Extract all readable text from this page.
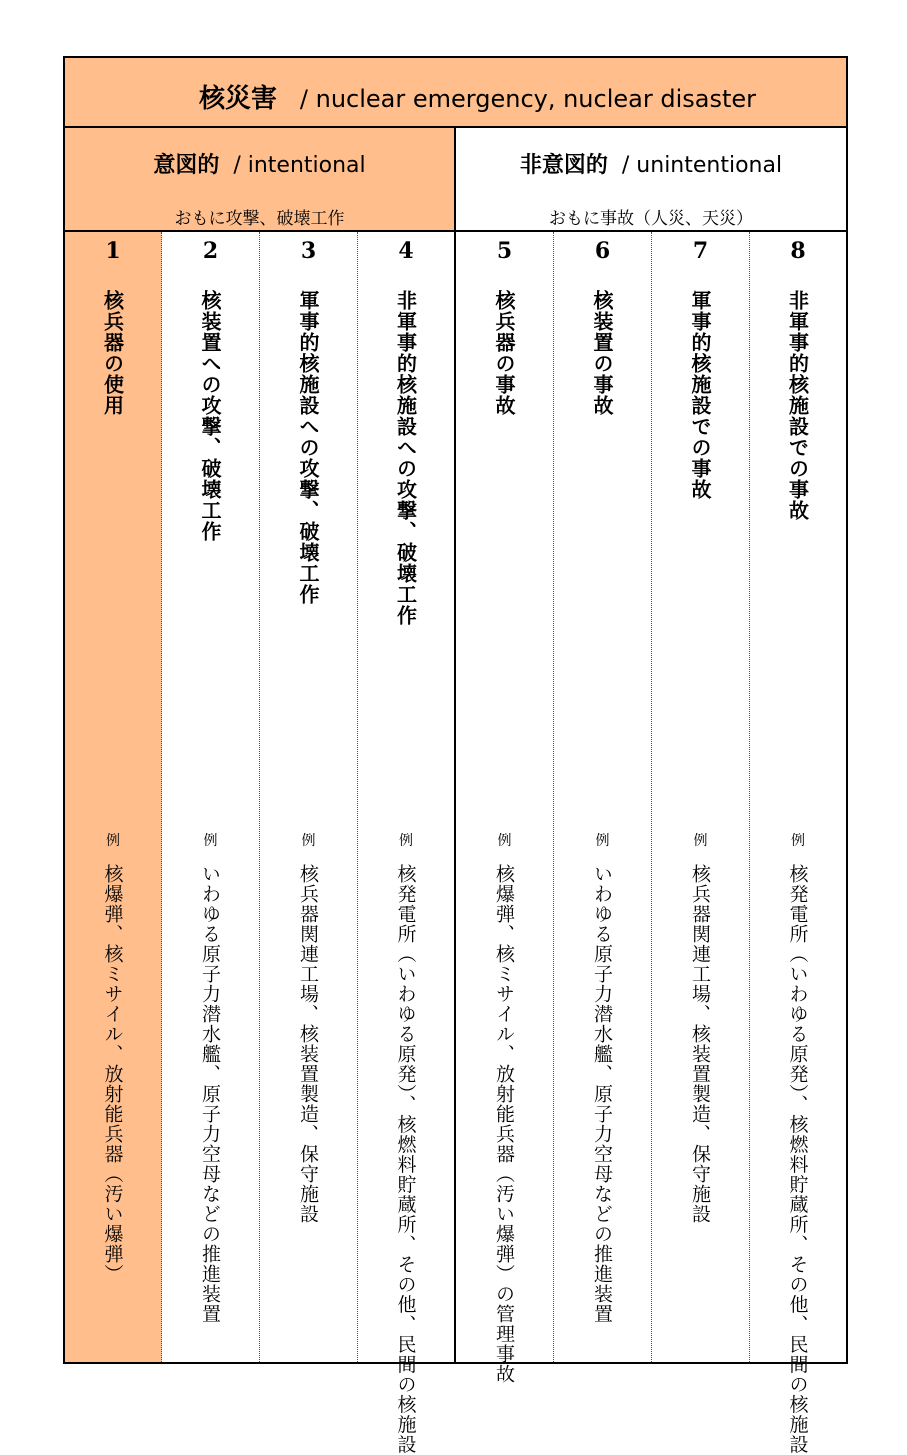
核災害 / nuclear emergency, nuclear disaster
意図的 / intentional
おもに攻撃、破壊工作
非意図的 / unintentional
おもに事故（人災、天災）
1
核兵器の使用
例
核爆弾、核ミサイル、放射能兵器（汚い爆弾）
2
核装置への攻撃、破壊工作
例
いわゆる原子力潜水艦、原子力空母などの推進装置
3
軍事的核施設への攻撃、破壊工作
例
核兵器関連工場、核装置製造、保守施設
4
非軍事的核施設への攻撃、破壊工作
例
核発電所（いわゆる原発）、核燃料貯蔵所、その他、民間の核施設
5
核兵器の事故
例
核爆弾、核ミサイル、放射能兵器（汚い爆弾）の管理事故
6
核装置の事故
例
いわゆる原子力潜水艦、原子力空母などの推進装置
7
軍事的核施設での事故
例
核兵器関連工場、核装置製造、保守施設
8
非軍事的核施設での事故
例
核発電所（いわゆる原発）、核燃料貯蔵所、その他、民間の核施設
